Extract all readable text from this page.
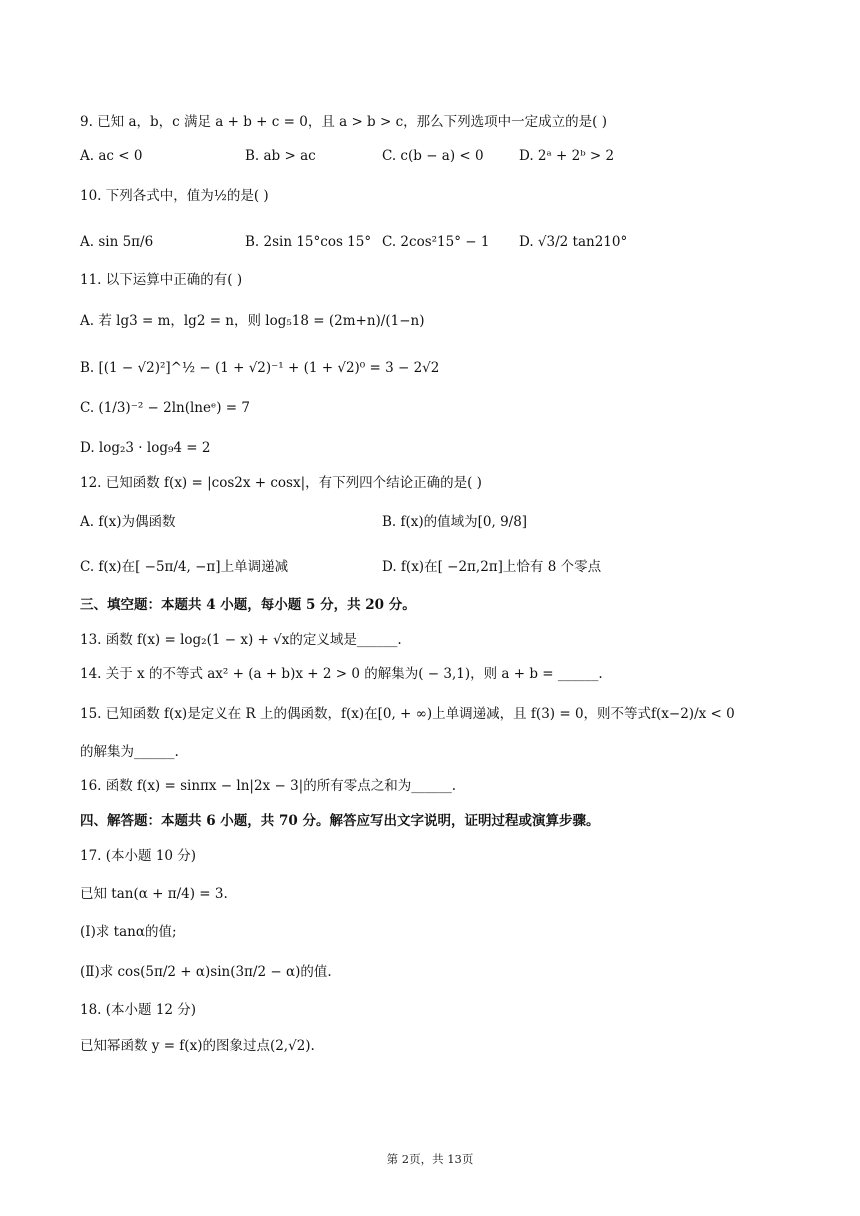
9. 已知 a，b，c 满足 a + b + c = 0，且 a > b > c，那么下列选项中一定成立的是( )
A. ac < 0	B. ab > ac	C. c(b − a) < 0	D. 2ᵃ + 2ᵇ > 2
10. 下列各式中，值为½的是( )
A. sin 5π/6	B. 2sin 15°cos 15° C. 2cos²15° − 1 D. √3/2 tan210°
11. 以下运算中正确的有( )
A. 若 lg3 = m，lg2 = n，则 log₅18 = (2m+n)/(1−n)
B. [(1 − √2)²]^½ − (1 + √2)⁻¹ + (1 + √2)⁰ = 3 − 2√2
C. (1/3)⁻² − 2ln(lneᵉ) = 7
D. log₂3 · log₉4 = 2
12. 已知函数 f(x) = |cos2x + cosx|，有下列四个结论正确的是( )
A. f(x)为偶函数	B. f(x)的值域为[0, 9/8]
C. f(x)在[ −5π/4, −π]上单调递减	D. f(x)在[ −2π,2π]上恰有 8 个零点
三、填空题：本题共 4 小题，每小题 5 分，共 20 分。
13. 函数 f(x) = log₂(1 − x) + √x的定义域是______.
14. 关于 x 的不等式 ax² + (a + b)x + 2 > 0 的解集为( − 3,1)，则 a + b = ______.
15. 已知函数 f(x)是定义在 R 上的偶函数，f(x)在[0, + ∞)上单调递减，且 f(3) = 0，则不等式f(x−2)/x < 0
的解集为______.
16. 函数 f(x) = sinπx − ln|2x − 3|的所有零点之和为______.
四、解答题：本题共 6 小题，共 70 分。解答应写出文字说明，证明过程或演算步骤。
17. (本小题 10 分)
已知 tan(α + π/4) = 3.
(Ⅰ)求 tanα的值;
(Ⅱ)求 cos(5π/2 + α)sin(3π/2 − α)的值.
18. (本小题 12 分)
已知幂函数 y = f(x)的图象过点(2,√2).
第 2页，共 13页
